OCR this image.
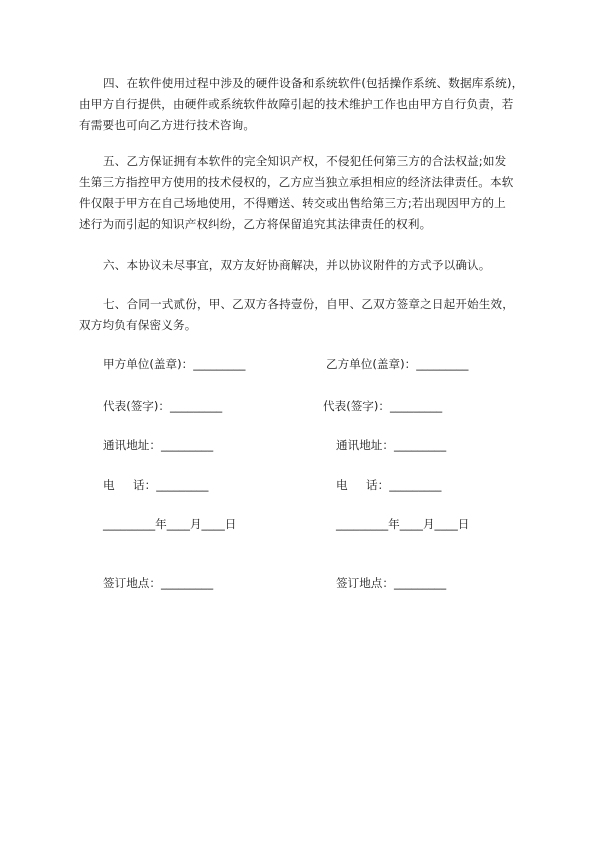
四、在软件使用过程中涉及的硬件设备和系统软件(包括操作系统、数据库系统)，
由甲方自行提供，由硬件或系统软件故障引起的技术维护工作也由甲方自行负责，若
有需要也可向乙方进行技术咨询。
五、乙方保证拥有本软件的完全知识产权，不侵犯任何第三方的合法权益;如发
生第三方指控甲方使用的技术侵权的，乙方应当独立承担相应的经济法律责任。本软
件仅限于甲方在自己场地使用，不得赠送、转交或出售给第三方;若出现因甲方的上
述行为而引起的知识产权纠纷，乙方将保留追究其法律责任的权利。
六、本协议未尽事宜，双方友好协商解决，并以协议附件的方式予以确认。
七、合同一式贰份，甲、乙双方各持壹份，自甲、乙双方签章之日起开始生效，
双方均负有保密义务。
甲方单位(盖章)：_________
代表(签字)：_________
通讯地址：_________
电     话：_________
_________年____月____日
签订地点：_________
乙方单位(盖章)：_________
代表(签字)：_________
通讯地址：_________
电     话：_________
_________年____月____日
签订地点：_________
